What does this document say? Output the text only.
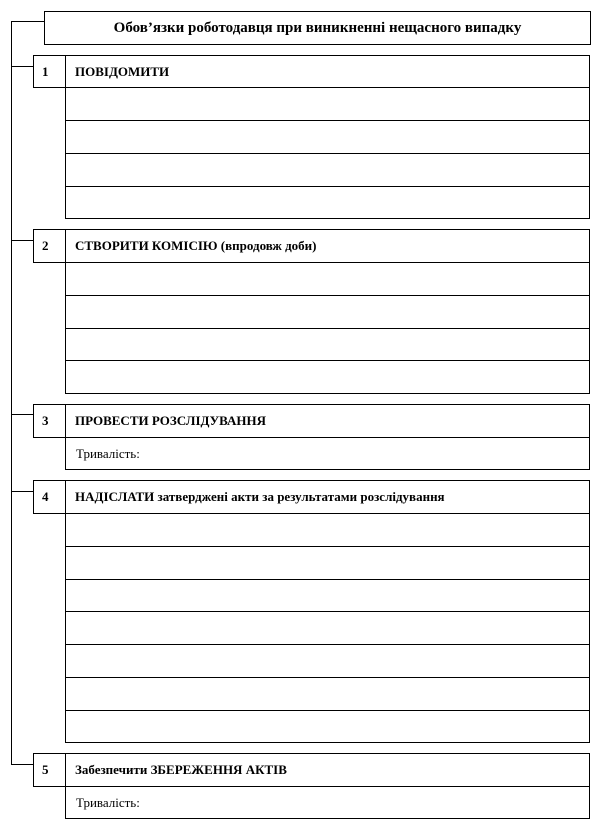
Обов’язки роботодавця при виникненні нещасного випадку
1	ПОВІДОМИТИ
2	СТВОРИТИ КОМІСІЮ (впродовж доби)
3	ПРОВЕСТИ РОЗСЛІДУВАННЯ
Тривалість:
4	НАДІСЛАТИ затверджені акти за результатами розслідування
5	Забезпечити ЗБЕРЕЖЕННЯ АКТІВ
Тривалість:
